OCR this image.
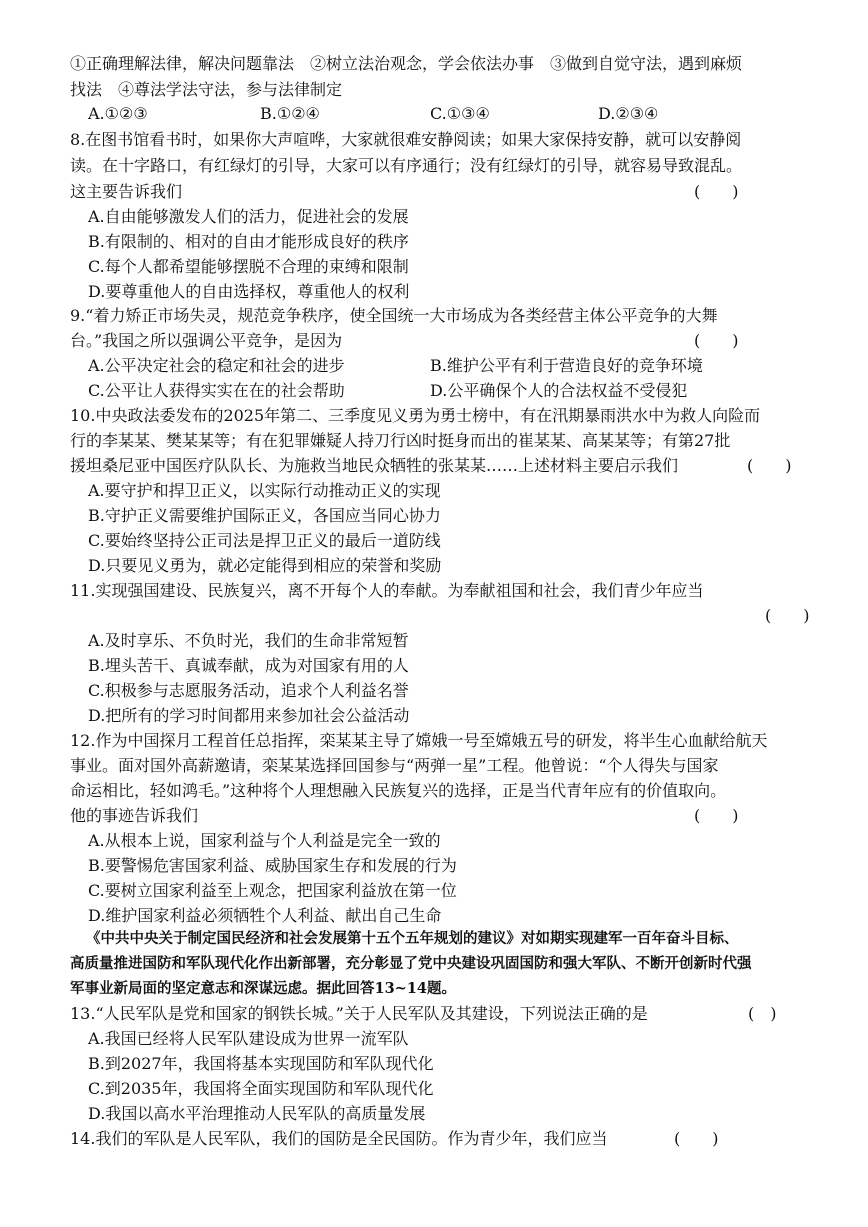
①正确理解法律，解决问题靠法　②树立法治观念，学会依法办事　③做到自觉守法，遇到麻烦
找法　④尊法学法守法，参与法律制定
A.①②③	B.①②④	C.①③④	D.②③④
8.在图书馆看书时，如果你大声喧哗，大家就很难安静阅读；如果大家保持安静，就可以安静阅
读。在十字路口，有红绿灯的引导，大家可以有序通行；没有红绿灯的引导，就容易导致混乱。
这主要告诉我们	(　　)
A.自由能够激发人们的活力，促进社会的发展
B.有限制的、相对的自由才能形成良好的秩序
C.每个人都希望能够摆脱不合理的束缚和限制
D.要尊重他人的自由选择权，尊重他人的权利
9.“着力矫正市场失灵，规范竞争秩序，使全国统一大市场成为各类经营主体公平竞争的大舞
台。”我国之所以强调公平竞争，是因为	(　　)
A.公平决定社会的稳定和社会的进步	B.维护公平有利于营造良好的竞争环境
C.公平让人获得实实在在的社会帮助	D.公平确保个人的合法权益不受侵犯
10.中央政法委发布的2025年第二、三季度见义勇为勇士榜中，有在汛期暴雨洪水中为救人向险而
行的李某某、樊某某等；有在犯罪嫌疑人持刀行凶时挺身而出的崔某某、高某某等；有第27批
援坦桑尼亚中国医疗队队长、为施救当地民众牺牲的张某某……上述材料主要启示我们	(　　)
A.要守护和捍卫正义，以实际行动推动正义的实现
B.守护正义需要维护国际正义，各国应当同心协力
C.要始终坚持公正司法是捍卫正义的最后一道防线
D.只要见义勇为，就必定能得到相应的荣誉和奖励
11.实现强国建设、民族复兴，离不开每个人的奉献。为奉献祖国和社会，我们青少年应当
(　　)
A.及时享乐、不负时光，我们的生命非常短暂
B.埋头苦干、真诚奉献，成为对国家有用的人
C.积极参与志愿服务活动，追求个人利益名誉
D.把所有的学习时间都用来参加社会公益活动
12.作为中国探月工程首任总指挥，栾某某主导了嫦娥一号至嫦娥五号的研发，将半生心血献给航天
事业。面对国外高薪邀请，栾某某选择回国参与“两弹一星”工程。他曾说：“个人得失与国家
命运相比，轻如鸿毛。”这种将个人理想融入民族复兴的选择，正是当代青年应有的价值取向。
他的事迹告诉我们	(　　)
A.从根本上说，国家利益与个人利益是完全一致的
B.要警惕危害国家利益、威胁国家生存和发展的行为
C.要树立国家利益至上观念，把国家利益放在第一位
D.维护国家利益必须牺牲个人利益、献出自己生命
《中共中央关于制定国民经济和社会发展第十五个五年规划的建议》对如期实现建军一百年奋斗目标、
高质量推进国防和军队现代化作出新部署，充分彰显了党中央建设巩固国防和强大军队、不断开创新时代强
军事业新局面的坚定意志和深谋远虑。据此回答13~14题。
13.“人民军队是党和国家的钢铁长城。”关于人民军队及其建设，下列说法正确的是	(　)
A.我国已经将人民军队建设成为世界一流军队
B.到2027年，我国将基本实现国防和军队现代化
C.到2035年，我国将全面实现国防和军队现代化
D.我国以高水平治理推动人民军队的高质量发展
14.我们的军队是人民军队，我们的国防是全民国防。作为青少年，我们应当	(　　)
